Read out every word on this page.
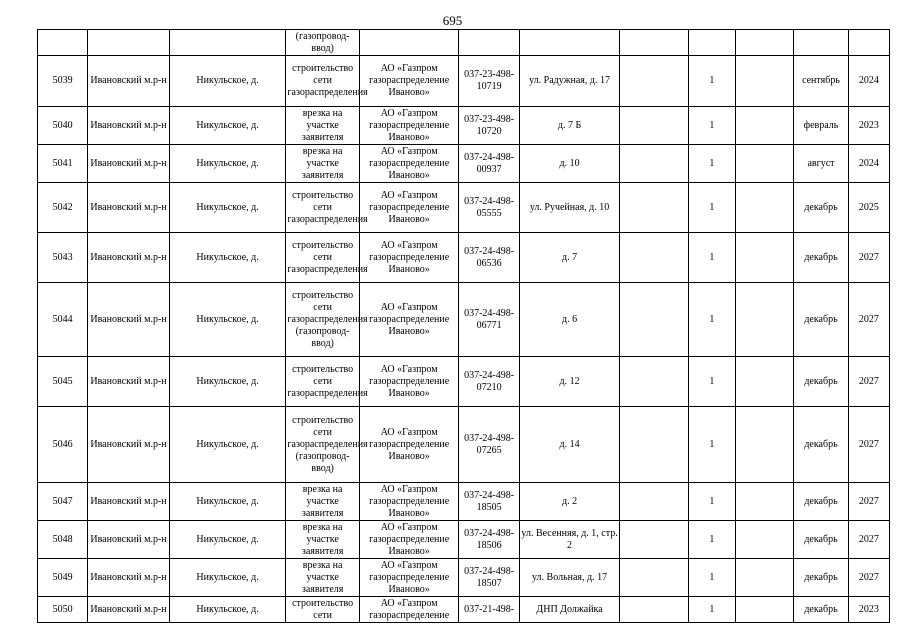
695
			(газопровод-ввод)								
5039	Ивановский м.р-н	Никульское, д.	строительство сети газораспределения	АО «Газпром газораспределение Иваново»	037-23-498-10719	ул. Радужная, д. 17		1		сентябрь	2024
5040	Ивановский м.р-н	Никульское, д.	врезка на участке заявителя	АО «Газпром газораспределение Иваново»	037-23-498-10720	д. 7 Б		1		февраль	2023
5041	Ивановский м.р-н	Никульское, д.	врезка на участке заявителя	АО «Газпром газораспределение Иваново»	037-24-498-00937	д. 10		1		август	2024
5042	Ивановский м.р-н	Никульское, д.	строительство сети газораспределения	АО «Газпром газораспределение Иваново»	037-24-498-05555	ул. Ручейная, д. 10		1		декабрь	2025
5043	Ивановский м.р-н	Никульское, д.	строительство сети газораспределения	АО «Газпром газораспределение Иваново»	037-24-498-06536	д. 7		1		декабрь	2027
5044	Ивановский м.р-н	Никульское, д.	строительство сети газораспределения (газопровод-ввод)	АО «Газпром газораспределение Иваново»	037-24-498-06771	д. 6		1		декабрь	2027
5045	Ивановский м.р-н	Никульское, д.	строительство сети газораспределения	АО «Газпром газораспределение Иваново»	037-24-498-07210	д. 12		1		декабрь	2027
5046	Ивановский м.р-н	Никульское, д.	строительство сети газораспределения (газопровод-ввод)	АО «Газпром газораспределение Иваново»	037-24-498-07265	д. 14		1		декабрь	2027
5047	Ивановский м.р-н	Никульское, д.	врезка на участке заявителя	АО «Газпром газораспределение Иваново»	037-24-498-18505	д. 2		1		декабрь	2027
5048	Ивановский м.р-н	Никульское, д.	врезка на участке заявителя	АО «Газпром газораспределение Иваново»	037-24-498-18506	ул. Весенняя, д. 1, стр. 2		1		декабрь	2027
5049	Ивановский м.р-н	Никульское, д.	врезка на участке заявителя	АО «Газпром газораспределение Иваново»	037-24-498-18507	ул. Вольная, д. 17		1		декабрь	2027
5050	Ивановский м.р-н	Никульское, д.	строительство сети	АО «Газпром газораспределение	037-21-498-	ДНП Должайка		1		декабрь	2023
